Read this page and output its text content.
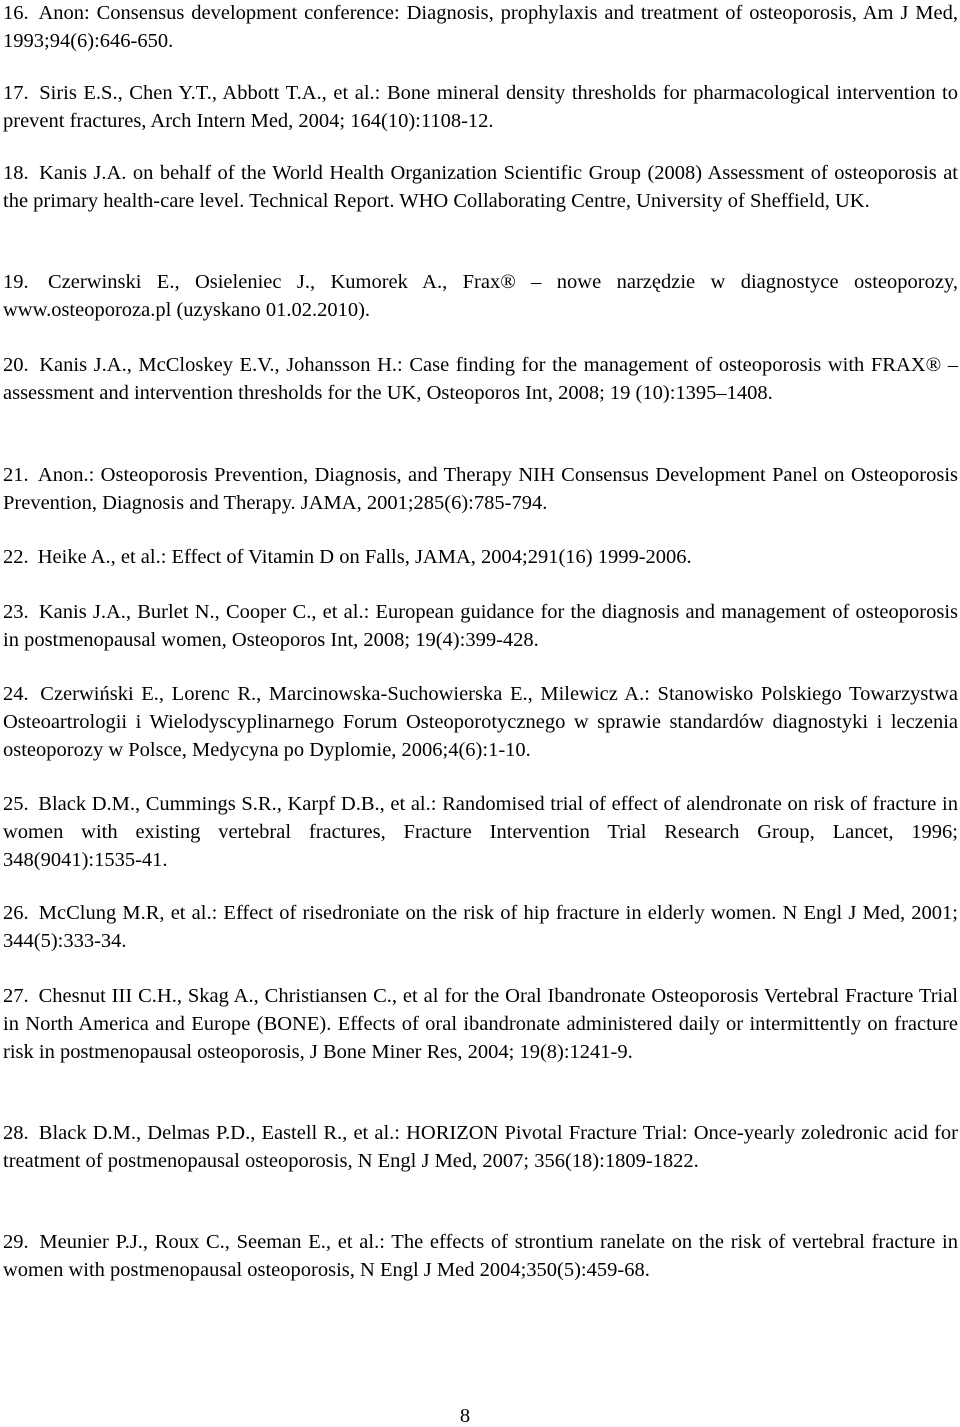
16. Anon: Consensus development conference: Diagnosis, prophylaxis and treatment of osteoporosis, Am J Med, 1993;94(6):646-650.

17. Siris E.S., Chen Y.T., Abbott T.A., et al.: Bone mineral density thresholds for pharmacological intervention to prevent fractures, Arch Intern Med, 2004; 164(10):1108-12.

18. Kanis J.A. on behalf of the World Health Organization Scientific Group (2008) Assessment of osteoporosis at the primary health-care level. Technical Report. WHO Collaborating Centre, University of Sheffield, UK.

19. Czerwinski E., Osieleniec J., Kumorek A., Frax® – nowe narzędzie w diagnostyce osteoporozy, www.osteoporoza.pl (uzyskano 01.02.2010).

20. Kanis J.A., McCloskey E.V., Johansson H.: Case finding for the management of osteoporosis with FRAX® – assessment and intervention thresholds for the UK, Osteoporos Int, 2008; 19 (10):1395–1408.

21. Anon.: Osteoporosis Prevention, Diagnosis, and Therapy NIH Consensus Development Panel on Osteoporosis Prevention, Diagnosis and Therapy. JAMA, 2001;285(6):785-794.

22. Heike A., et al.: Effect of Vitamin D on Falls, JAMA, 2004;291(16) 1999-2006.

23. Kanis J.A., Burlet N., Cooper C., et al.: European guidance for the diagnosis and management of osteoporosis in postmenopausal women, Osteoporos Int, 2008; 19(4):399-428.

24. Czerwiński E., Lorenc R., Marcinowska-Suchowierska E., Milewicz A.: Stanowisko Polskiego Towarzystwa Osteoartrologii i Wielodyscyplinarnego Forum Osteoporotycznego w sprawie standardów diagnostyki i leczenia osteoporozy w Polsce, Medycyna po Dyplomie, 2006;4(6):1-10.

25. Black D.M., Cummings S.R., Karpf D.B., et al.: Randomised trial of effect of alendronate on risk of fracture in women with existing vertebral fractures, Fracture Intervention Trial Research Group, Lancet, 1996; 348(9041):1535-41.

26. McClung M.R, et al.: Effect of risedroniate on the risk of hip fracture in elderly women. N Engl J Med, 2001; 344(5):333-34.

27. Chesnut III C.H., Skag A., Christiansen C., et al for the Oral Ibandronate Osteoporosis Vertebral Fracture Trial in North America and Europe (BONE). Effects of oral ibandronate administered daily or intermittently on fracture risk in postmenopausal osteoporosis, J Bone Miner Res, 2004; 19(8):1241-9.

28. Black D.M., Delmas P.D., Eastell R., et al.: HORIZON Pivotal Fracture Trial: Once-yearly zoledronic acid for treatment of postmenopausal osteoporosis, N Engl J Med, 2007; 356(18):1809-1822.

29. Meunier P.J., Roux C., Seeman E., et al.: The effects of strontium ranelate on the risk of vertebral fracture in women with postmenopausal osteoporosis, N Engl J Med 2004;350(5):459-68.

8
